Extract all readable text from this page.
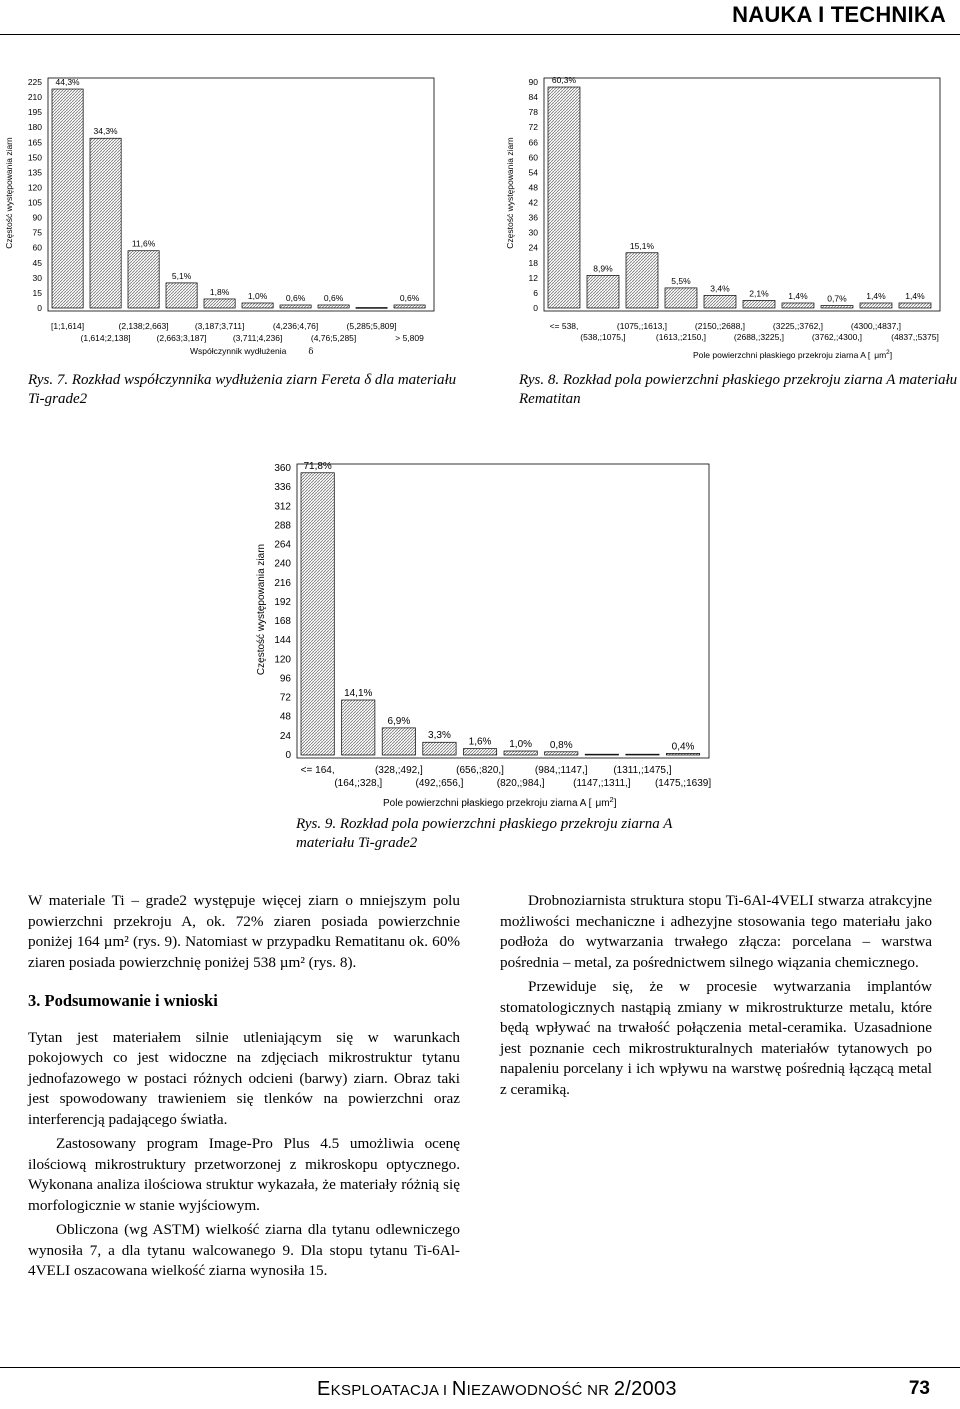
NAUKA I TECHNIKA
0
15
30
45
60
75
90
105
120
135
150
165
180
195
210
225
Częstość występowania ziarn
44,3%
[1;1,614]
34,3%
(1,614;2,138]
11,6%
(2,138;2,663]
5,1%
(2,663;3,187]
1,8%
(3,187;3,711]
1,0%
(3,711;4,236]
0,6%
(4,236;4,76]
0,6%
(4,76;5,285]
(5,285;5,809]
0,6%
> 5,809
Współczynnik wydłużenia	δ
Rys. 7. Rozkład współczynnika wydłużenia ziarn Fereta δ dla materiału Ti-grade2
0
6
12
18
24
30
36
42
48
54
60
66
72
78
84
90
Częstość występowania ziarn
60,3%
<= 538,
8,9%
(538,;1075,]
15,1%
(1075,;1613,]
5,5%
(1613,;2150,]
3,4%
(2150,;2688,]
2,1%
(2688,;3225,]
1,4%
(3225,;3762,]
0,7%
(3762,;4300,]
1,4%
(4300,;4837,]
1,4%
(4837,;5375]
Pole powierzchni płaskiego przekroju ziarna A [ $\mu m^2$]
Rys. 8. Rozkład pola powierzchni płaskiego przekroju ziarna A materiału Rematitan
0
24
48
72
96
120
144
168
192
216
240
264
288
312
336
360
Częstość występowania ziarn
71,8%
<= 164,
14,1%
(164,;328,]
6,9%
(328,;492,]
3,3%
(492,;656,]
1,6%
(656,;820,]
1,0%
(820,;984,]
0,8%
(984,;1147,]
(1147,;1311,]
(1311,;1475,]
0,4%
(1475,;1639]
Pole powierzchni płaskiego przekroju ziarna A [ $\mu m^2$]
Rys. 9. Rozkład pola powierzchni płaskiego przekroju ziarna A materiału Ti-grade2

W materiale Ti – grade2 występuje więcej ziarn o mniejszym polu powierzchni przekroju A, ok. 72% ziaren posiada powierzchnie poniżej 164 µm² (rys. 9). Natomiast w przypadku Rematitanu ok. 60% ziaren posiada powierzchnię poniżej 538 µm² (rys. 8).

3. Podsumowanie i wnioski

Tytan jest materiałem silnie utleniającym się w warunkach pokojowych co jest widoczne na zdjęciach mikrostruktur tytanu jednofazowego w postaci różnych odcieni (barwy) ziarn. Obraz taki jest spowodowany trawieniem się tlenków na powierzchni oraz interferencją padającego światła.

Zastosowany program Image-Pro Plus 4.5 umożliwia ocenę ilościową mikrostruktury przetworzonej z mikroskopu optycznego. Wykonana analiza ilościowa struktur wykazała, że materiały różnią się morfologicznie w stanie wyjściowym.

Obliczona (wg ASTM) wielkość ziarna dla tytanu odlewniczego wynosiła 7, a dla tytanu walcowanego 9. Dla stopu tytanu Ti-6Al-4VELI oszacowana wielkość ziarna wynosiła 15.

Drobnoziarnista struktura stopu Ti-6Al-4VELI stwarza atrakcyjne możliwości mechaniczne i adhezyjne stosowania tego materiału jako podłoża do wytwarzania trwałego złącza: porcelana – warstwa pośrednia – metal, za pośrednictwem silnego wiązania chemicznego.

Przewiduje się, że w procesie wytwarzania implantów stomatologicznych nastąpią zmiany w mikrostrukturze metalu, które będą wpływać na trwałość połączenia metal-ceramika. Uzasadnione jest poznanie cech mikrostrukturalnych materiałów tytanowych po napaleniu porcelany i ich wpływu na warstwę pośrednią łączącą metal z ceramiką.

EKSPLOATACJA I NIEZAWODNOŚĆ NR 2/2003	73
